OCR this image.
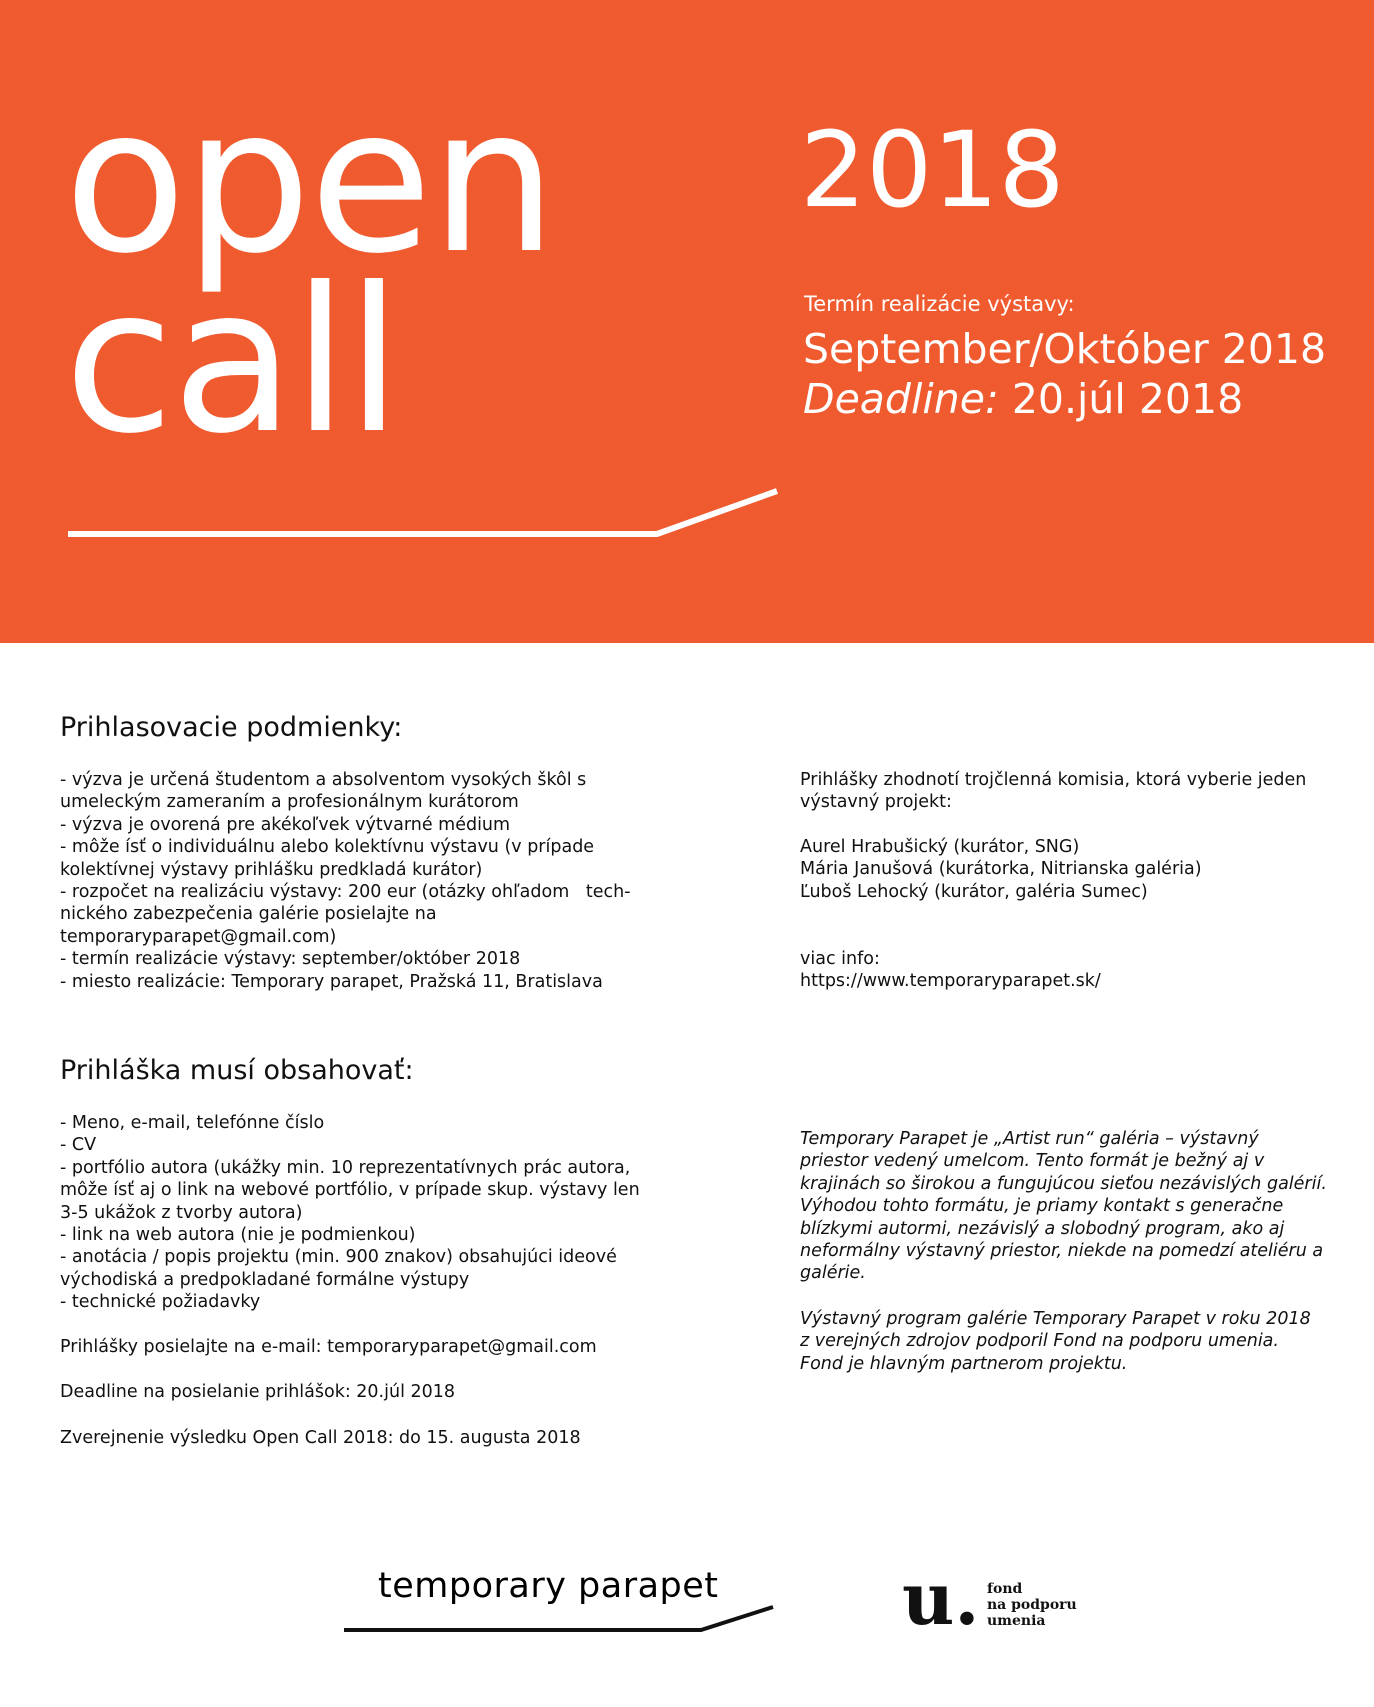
open
call
2018
Termín realizácie výstavy:
September/Október 2018
Deadline: 20.júl 2018
Prihlasovacie podmienky:
- výzva je určená študentom a absolventom vysokých škôl s
umeleckým zameraním a profesionálnym kurátorom
- výzva je ovorená pre akékoľvek výtvarné médium
- môže ísť o individuálnu alebo kolektívnu výstavu (v prípade
kolektívnej výstavy prihlášku predkladá kurátor)
- rozpočet na realizáciu výstavy: 200 eur (otázky ohľadom   tech-
nického zabezpečenia galérie posielajte na
temporaryparapet@gmail.com)
- termín realizácie výstavy: september/október 2018
- miesto realizácie: Temporary parapet, Pražská 11, Bratislava
Prihláška musí obsahovať:
- Meno, e-mail, telefónne číslo
- CV
- portfólio autora (ukážky min. 10 reprezentatívnych prác autora,
môže ísť aj o link na webové portfólio, v prípade skup. výstavy len
3-5 ukážok z tvorby autora)
- link na web autora (nie je podmienkou)
- anotácia / popis projektu (min. 900 znakov) obsahujúci ideové
východiská a predpokladané formálne výstupy
- technické požiadavky
Prihlášky posielajte na e-mail: temporaryparapet@gmail.com
Deadline na posielanie prihlášok: 20.júl 2018
Zverejnenie výsledku Open Call 2018: do 15. augusta 2018
Prihlášky zhodnotí trojčlenná komisia, ktorá vyberie jeden
výstavný projekt:
Aurel Hrabušický (kurátor, SNG)
Mária Janušová (kurátorka, Nitrianska galéria)
Ľuboš Lehocký (kurátor, galéria Sumec)
viac info:
https://www.temporaryparapet.sk/
Temporary Parapet je „Artist run“ galéria – výstavný
priestor vedený umelcom. Tento formát je bežný aj v
krajinách so širokou a fungujúcou sieťou nezávislých galérií.
Výhodou tohto formátu, je priamy kontakt s generačne
blízkymi autormi, nezávislý a slobodný program, ako aj
neformálny výstavný priestor, niekde na pomedzí ateliéru a
galérie.
Výstavný program galérie Temporary Parapet v roku 2018
z verejných zdrojov podporil Fond na podporu umenia.
Fond je hlavným partnerom projektu.
temporary parapet	u. fond
na podporu
umenia
